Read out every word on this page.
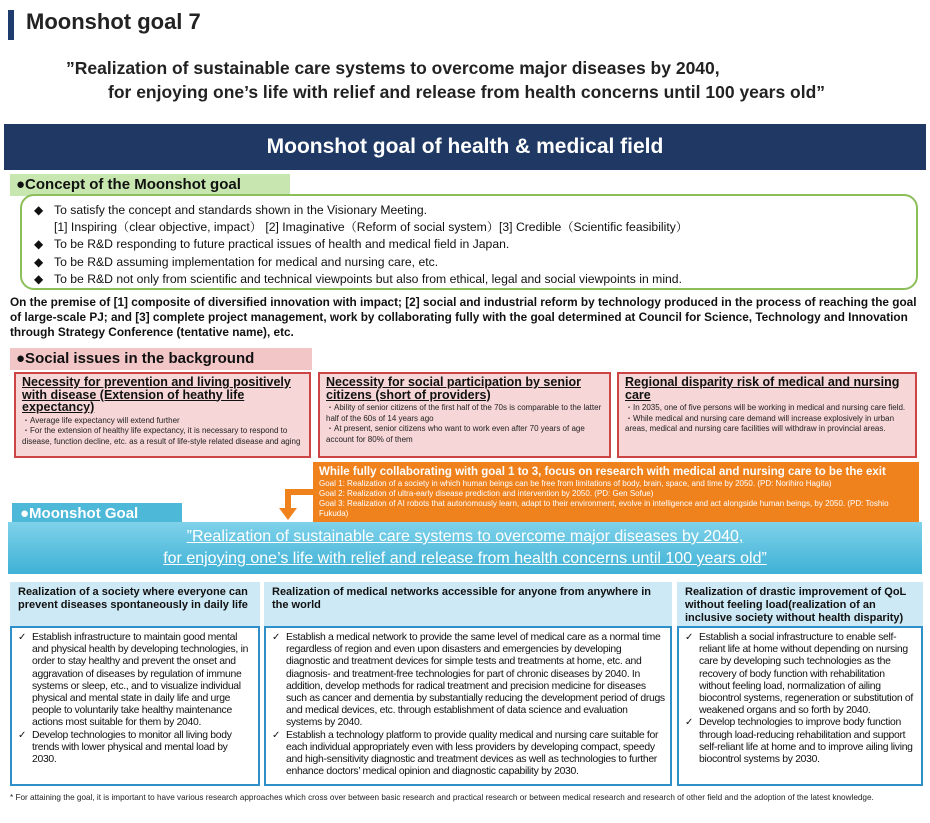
Moonshot goal 7
”Realization of sustainable care systems to overcome major diseases by 2040,
for enjoying one’s life with relief and release from health concerns until 100 years old”
Moonshot goal of health & medical field
●Concept of the Moonshot goal
◆ To satisfy the concept and standards shown in the Visionary Meeting.
[1] Inspiring（clear objective, impact） [2] Imaginative（Reform of social system）[3] Credible（Scientific feasibility）
◆ To be R&D responding to future practical issues of health and medical field in Japan.
◆ To be R&D assuming implementation for medical and nursing care, etc.
◆ To be R&D not only from scientific and technical viewpoints but also from ethical, legal and social viewpoints in mind.
On the premise of [1] composite of diversified innovation with impact; [2] social and industrial reform by technology produced in the process of reaching the goal of large-scale PJ; and [3] complete project management, work by collaborating fully with the goal determined at Council for Science, Technology and Innovation through Strategy Conference (tentative name), etc.
●Social issues in the background
Necessity for prevention and living positively with disease (Extension of heathy life expectancy)
・Average life expectancy will extend further
・For the extension of healthy life expectancy, it is necessary to respond to disease, function decline, etc. as a result of life-style related disease and aging
Necessity for social participation by senior citizens (short of providers)
・Ability of senior citizens of the first half of the 70s is comparable to the latter half of the 60s of 14 years ago
・At present, senior citizens who want to work even after 70 years of age account for 80% of them
Regional disparity risk of medical and nursing care
・In 2035, one of five persons will be working in medical and nursing care field.
・While medical and nursing care demand will increase explosively in urban areas, medical and nursing care facilities will withdraw in provincial areas.
While fully collaborating with goal 1 to 3, focus on research with medical and nursing care to be the exit
Goal 1: Realization of a society in which human beings can be free from limitations of body, brain, space, and time by 2050. (PD: Norihiro Hagita)
Goal 2: Realization of ultra-early disease prediction and intervention by 2050. (PD: Gen Sofue)
Goal 3: Realization of AI robots that autonomously learn, adapt to their environment, evolve in intelligence and act alongside human beings, by 2050. (PD: Toshio Fukuda)
●Moonshot Goal
”Realization of sustainable care systems to overcome major diseases by 2040,
for enjoying one’s life with relief and release from health concerns until 100 years old”
Realization of a society where everyone can prevent diseases spontaneously in daily life
Realization of medical networks accessible for anyone from anywhere in the world
Realization of drastic improvement of QoL without feeling load(realization of an inclusive society without health disparity)
✓ Establish infrastructure to maintain good mental and physical health by developing technologies, in order to stay healthy and prevent the onset and aggravation of diseases by regulation of immune systems or sleep, etc., and to visualize individual physical and mental state in daily life and urge people to voluntarily take healthy maintenance actions most suitable for them by 2040.
✓ Develop technologies to monitor all living body trends with lower physical and mental load by 2030.
✓ Establish a medical network to provide the same level of medical care as a normal time regardless of region and even upon disasters and emergencies by developing diagnostic and treatment devices for simple tests and treatments at home, etc. and diagnosis- and treatment-free technologies for part of chronic diseases by 2040. In addition, develop methods for radical treatment and precision medicine for diseases such as cancer and dementia by substantially reducing the development period of drugs and medical devices, etc. through establishment of data science and evaluation systems by 2040.
✓ Establish a technology platform to provide quality medical and nursing care suitable for each individual appropriately even with less providers by developing compact, speedy and high-sensitivity diagnostic and treatment devices as well as technologies to further enhance doctors’ medical opinion and diagnostic capability by 2030.
✓ Establish a social infrastructure to enable self-reliant life at home without depending on nursing care by developing such technologies as the recovery of body function with rehabilitation without feeling load, normalization of ailing biocontrol systems, regeneration or substitution of weakened organs and so forth by 2040.
✓ Develop technologies to improve body function through load-reducing rehabilitation and support self-reliant life at home and to improve ailing living biocontrol systems by 2030.
* For attaining the goal, it is important to have various research approaches which cross over between basic research and practical research or between medical research and research of other field and the adoption of the latest knowledge.
